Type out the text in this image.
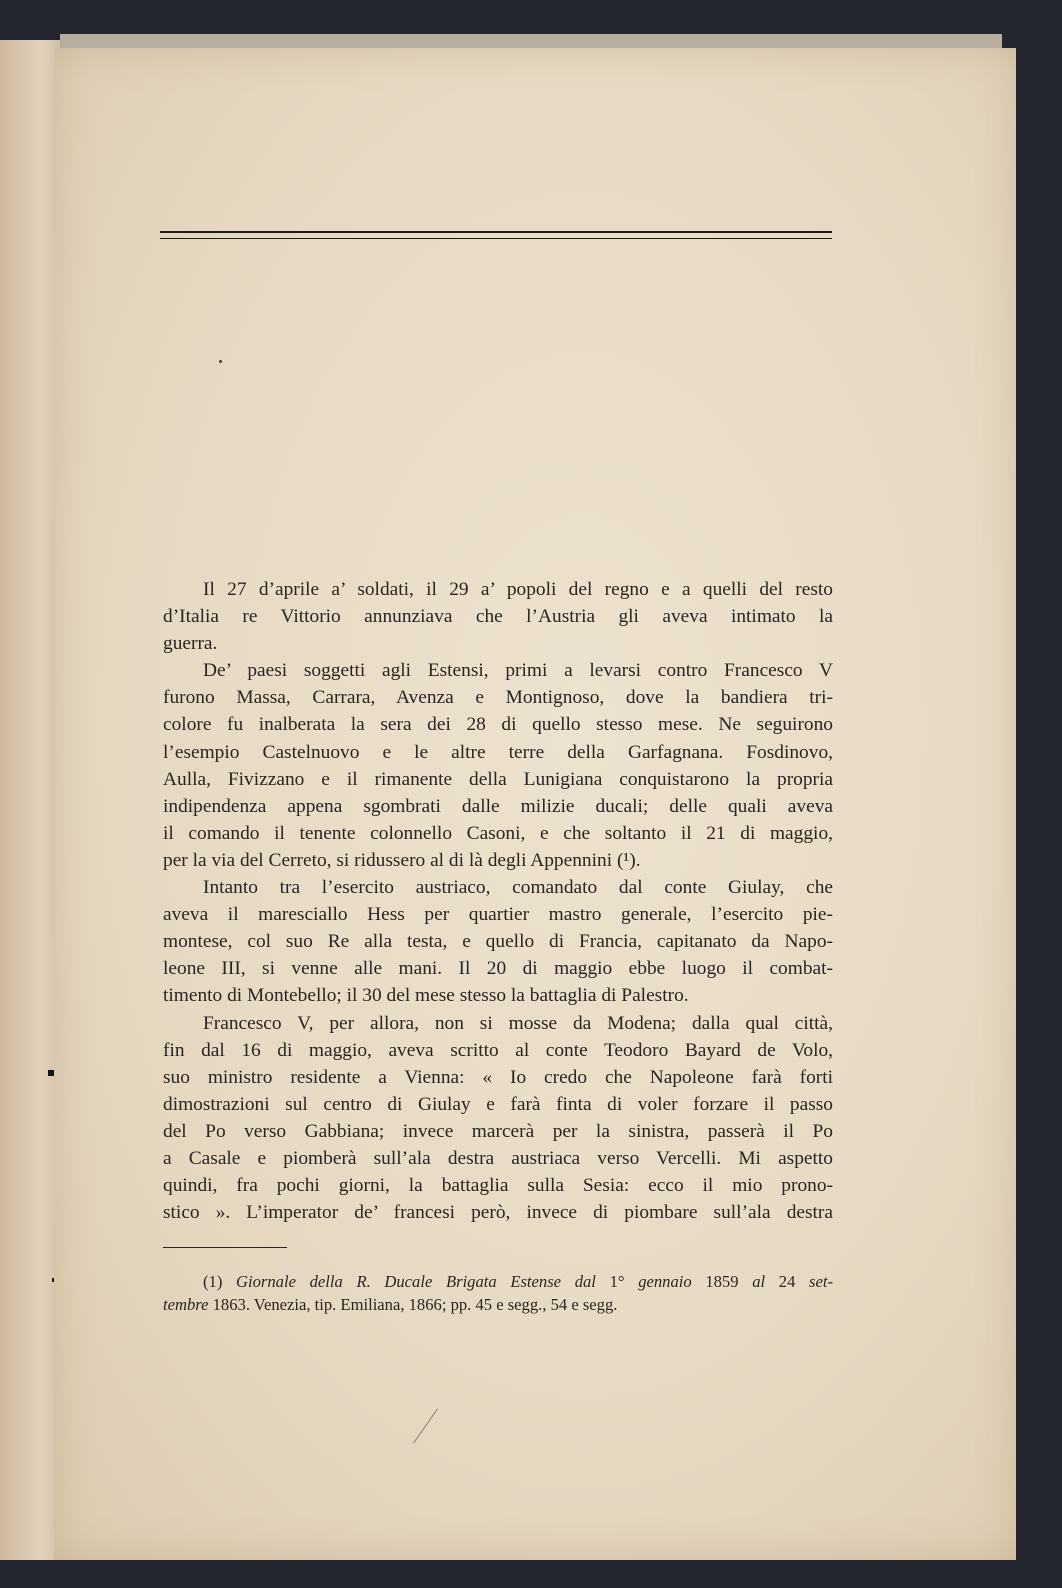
Il 27 d’aprile a’ soldati, il 29 a’ popoli del regno e a quelli del resto
d’Italia re Vittorio annunziava che l’Austria gli aveva intimato la
guerra.
De’ paesi soggetti agli Estensi, primi a levarsi contro Francesco V
furono Massa, Carrara, Avenza e Montignoso, dove la bandiera tri-
colore fu inalberata la sera dei 28 di quello stesso mese. Ne seguirono
l’esempio Castelnuovo e le altre terre della Garfagnana. Fosdinovo,
Aulla, Fivizzano e il rimanente della Lunigiana conquistarono la propria
indipendenza appena sgombrati dalle milizie ducali; delle quali aveva
il comando il tenente colonnello Casoni, e che soltanto il 21 di maggio,
per la via del Cerreto, si ridussero al di là degli Appennini (¹).
Intanto tra l’esercito austriaco, comandato dal conte Giulay, che
aveva il maresciallo Hess per quartier mastro generale, l’esercito pie-
montese, col suo Re alla testa, e quello di Francia, capitanato da Napo-
leone III, si venne alle mani. Il 20 di maggio ebbe luogo il combat-
timento di Montebello; il 30 del mese stesso la battaglia di Palestro.
Francesco V, per allora, non si mosse da Modena; dalla qual città,
fin dal 16 di maggio, aveva scritto al conte Teodoro Bayard de Volo,
suo ministro residente a Vienna: « Io credo che Napoleone farà forti
dimostrazioni sul centro di Giulay e farà finta di voler forzare il passo
del Po verso Gabbiana; invece marcerà per la sinistra, passerà il Po
a Casale e piomberà sull’ala destra austriaca verso Vercelli. Mi aspetto
quindi, fra pochi giorni, la battaglia sulla Sesia: ecco il mio prono-
stico ». L’imperator de’ francesi però, invece di piombare sull’ala destra
(1) Giornale della R. Ducale Brigata Estense dal 1° gennaio 1859 al 24 set-
tembre 1863. Venezia, tip. Emiliana, 1866; pp. 45 e segg., 54 e segg.
